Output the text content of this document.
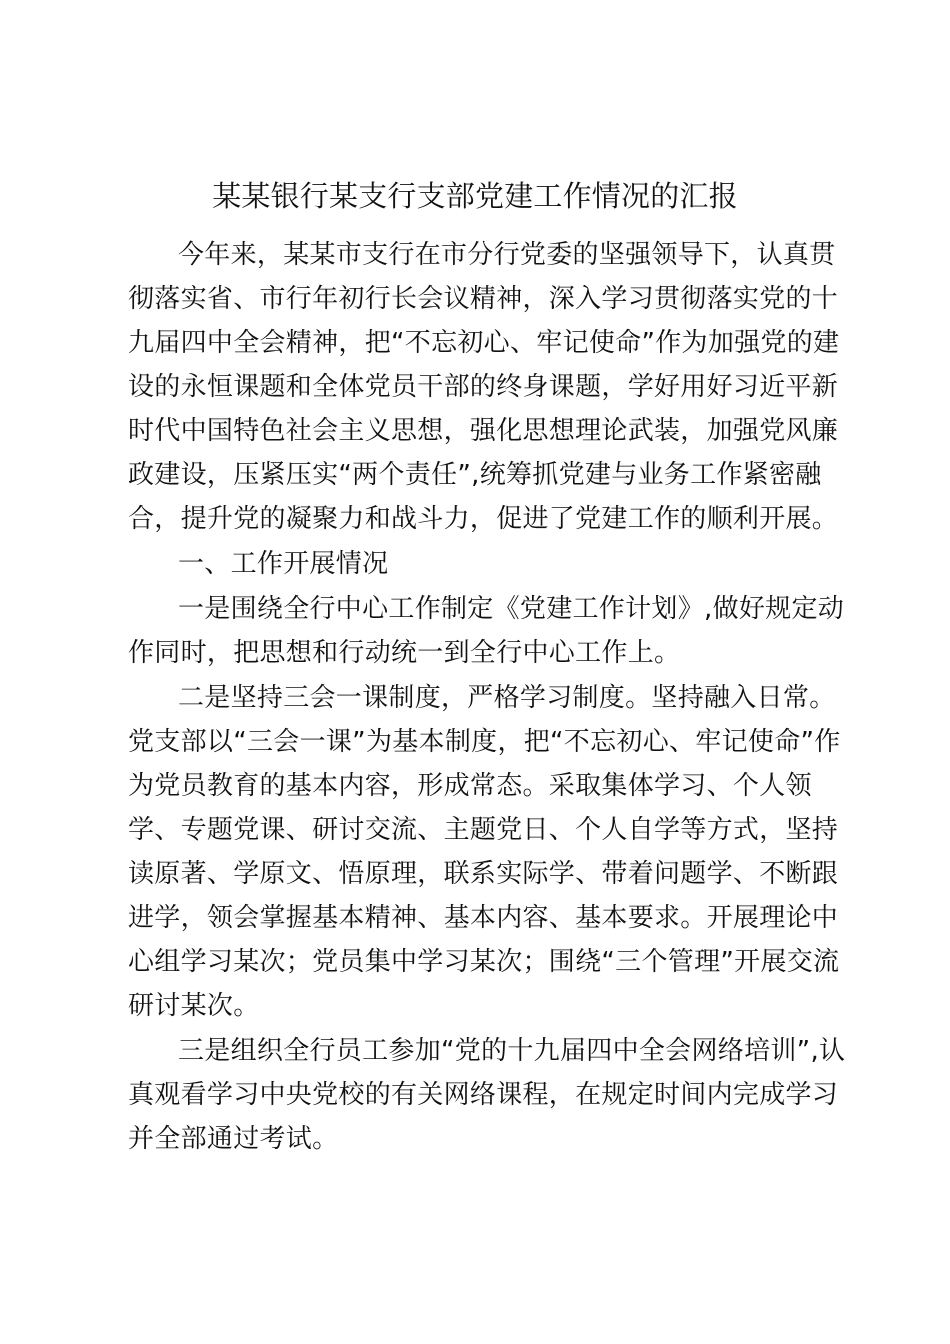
某某银行某支行支部党建工作情况的汇报
今年来，某某市支行在市分行党委的坚强领导下，认真贯
彻落实省、市行年初行长会议精神，深入学习贯彻落实党的十
九届四中全会精神，把“不忘初心、牢记使命”作为加强党的建
设的永恒课题和全体党员干部的终身课题，学好用好习近平新
时代中国特色社会主义思想，强化思想理论武装，加强党风廉
政建设，压紧压实“两个责任”,统筹抓党建与业务工作紧密融
合，提升党的凝聚力和战斗力，促进了党建工作的顺利开展。
一、工作开展情况
一是围绕全行中心工作制定《党建工作计划》,做好规定动
作同时，把思想和行动统一到全行中心工作上。
二是坚持三会一课制度，严格学习制度。坚持融入日常。
党支部以“三会一课”为基本制度，把“不忘初心、牢记使命”作
为党员教育的基本内容，形成常态。采取集体学习、个人领
学、专题党课、研讨交流、主题党日、个人自学等方式，坚持
读原著、学原文、悟原理，联系实际学、带着问题学、不断跟
进学，领会掌握基本精神、基本内容、基本要求。开展理论中
心组学习某次；党员集中学习某次；围绕“三个管理”开展交流
研讨某次。
三是组织全行员工参加“党的十九届四中全会网络培训”,认
真观看学习中央党校的有关网络课程，在规定时间内完成学习
并全部通过考试。
